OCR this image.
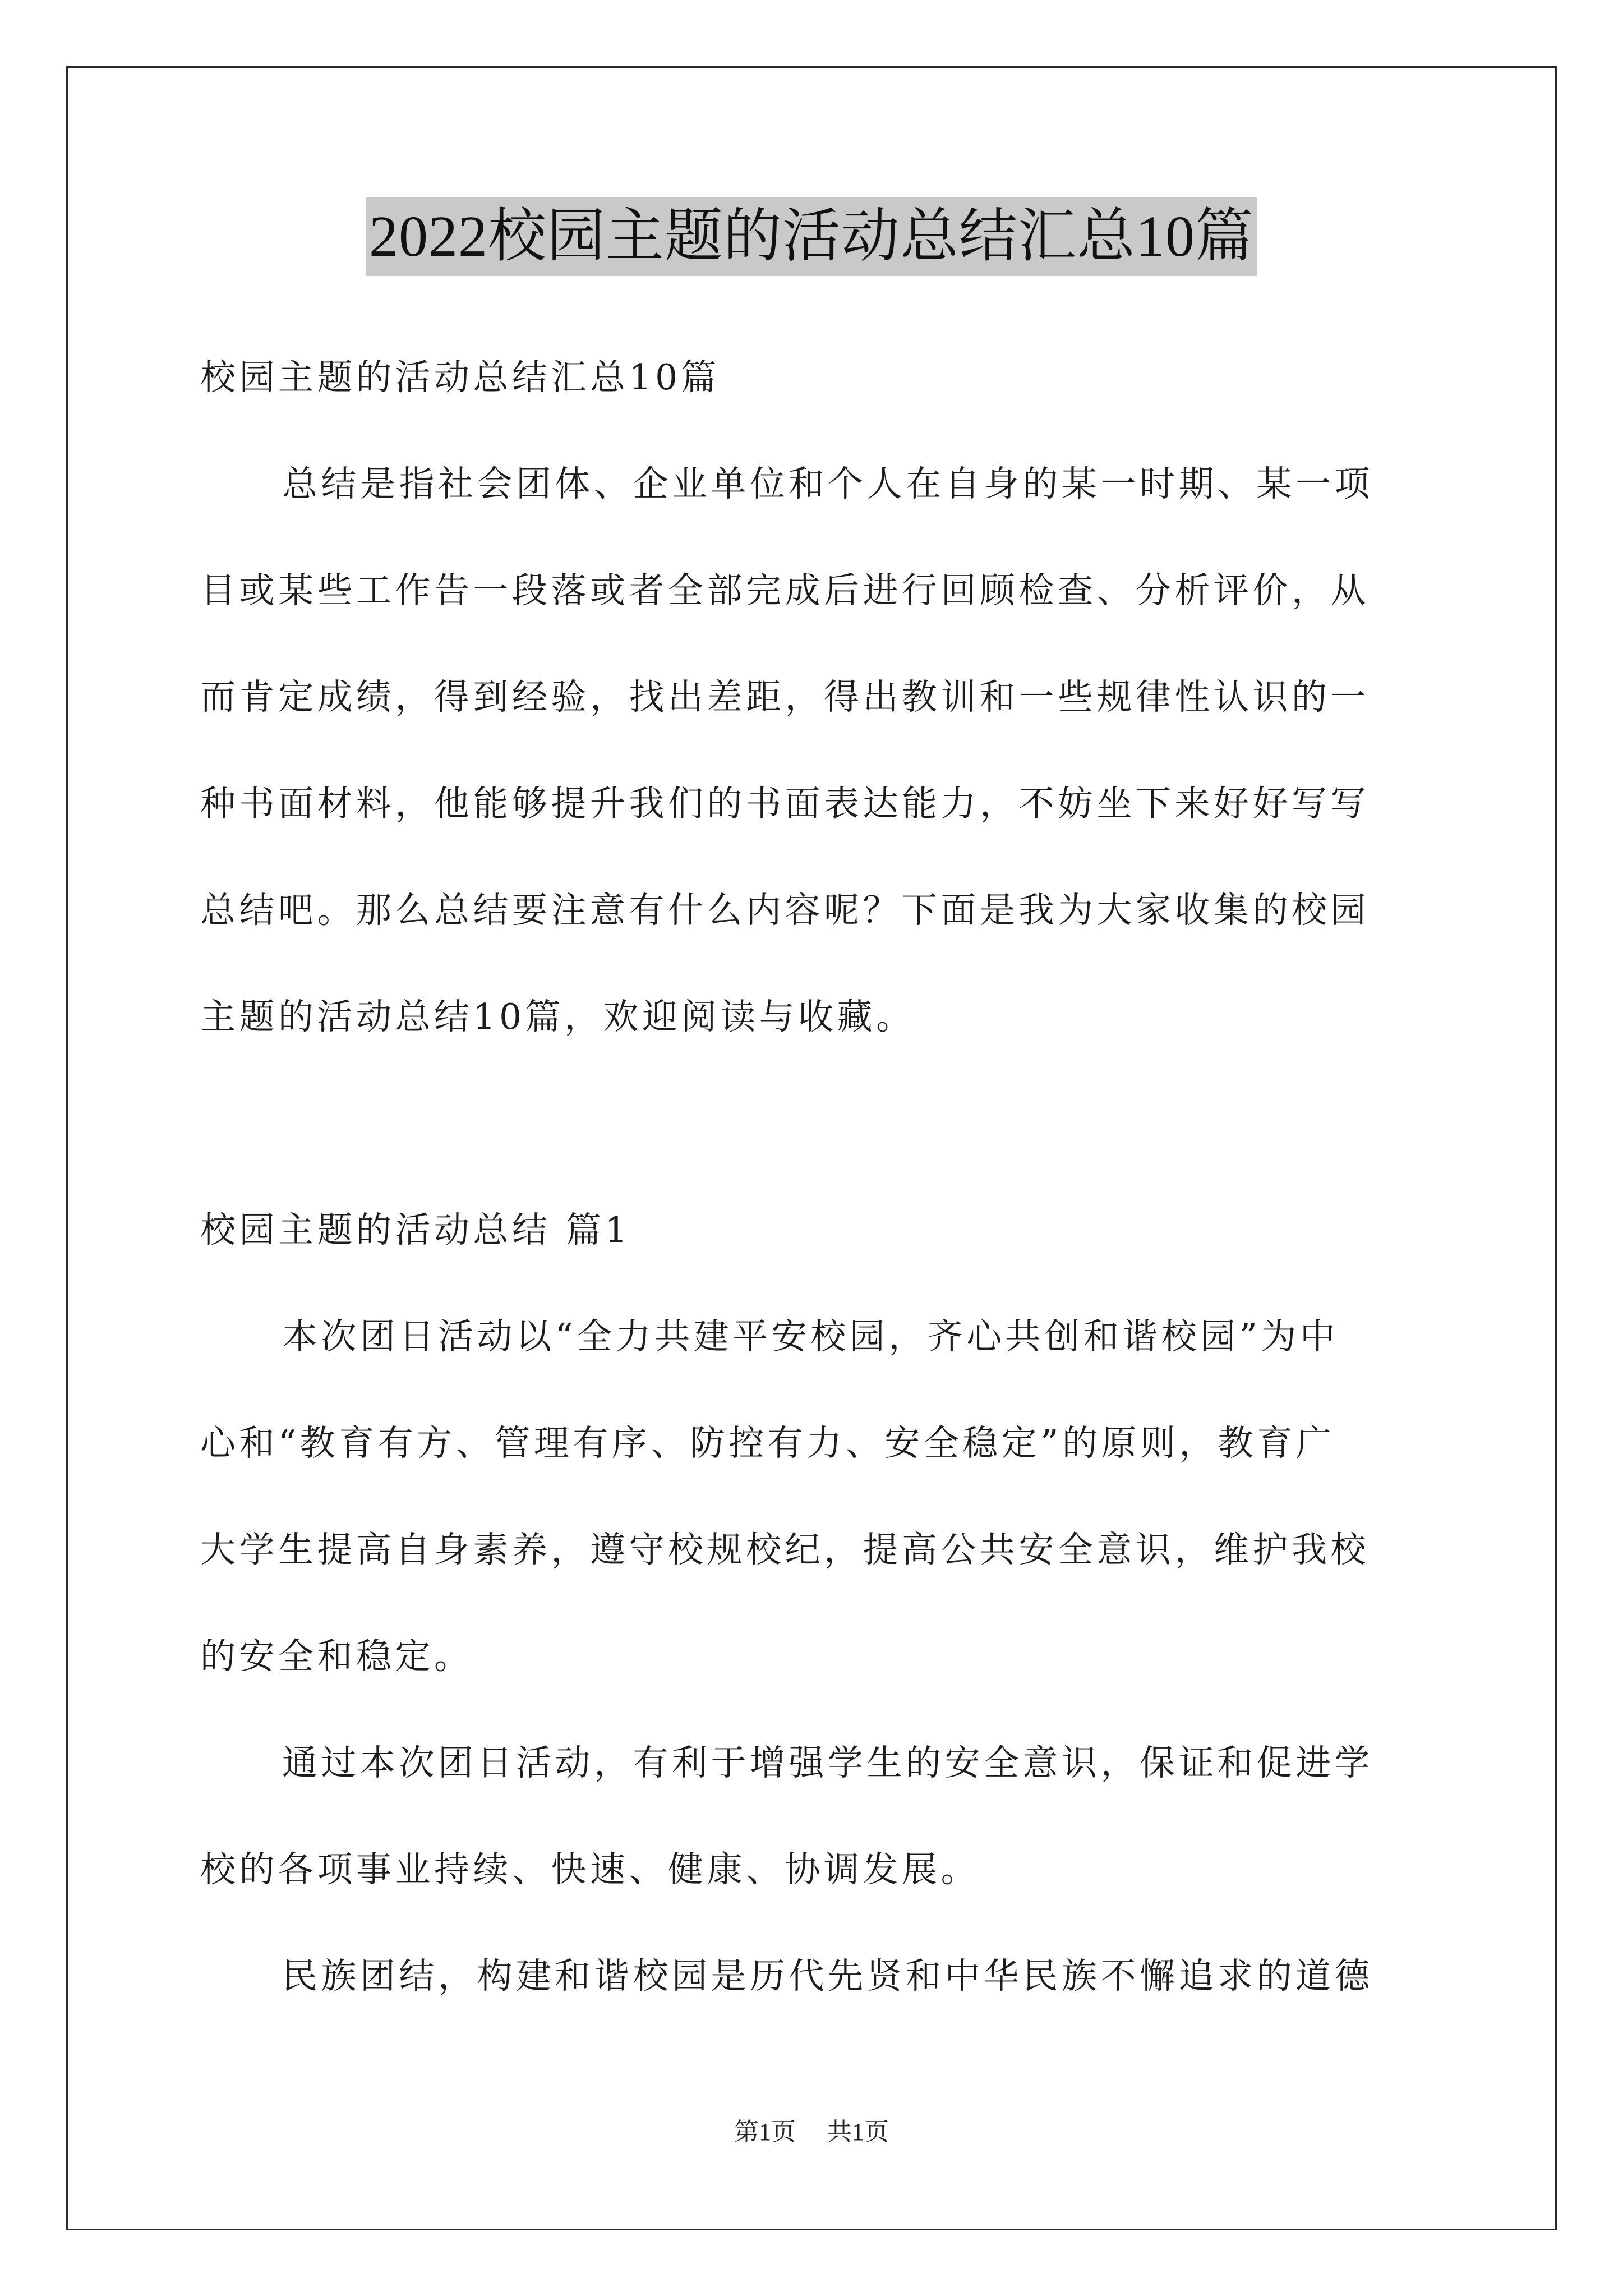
2022校园主题的活动总结汇总10篇
校园主题的活动总结汇总10篇
总结是指社会团体、企业单位和个人在自身的某一时期、某一项
目或某些工作告一段落或者全部完成后进行回顾检查、分析评价，从
而肯定成绩，得到经验，找出差距，得出教训和一些规律性认识的一
种书面材料，他能够提升我们的书面表达能力，不妨坐下来好好写写
总结吧。那么总结要注意有什么内容呢？下面是我为大家收集的校园
主题的活动总结10篇，欢迎阅读与收藏。
校园主题的活动总结 篇1
本次团日活动以“全力共建平安校园，齐心共创和谐校园”为中
心和“教育有方、管理有序、防控有力、安全稳定”的原则，教育广
大学生提高自身素养，遵守校规校纪，提高公共安全意识，维护我校
的安全和稳定。
通过本次团日活动，有利于增强学生的安全意识，保证和促进学
校的各项事业持续、快速、健康、协调发展。
民族团结，构建和谐校园是历代先贤和中华民族不懈追求的道德
第1页 共1页
